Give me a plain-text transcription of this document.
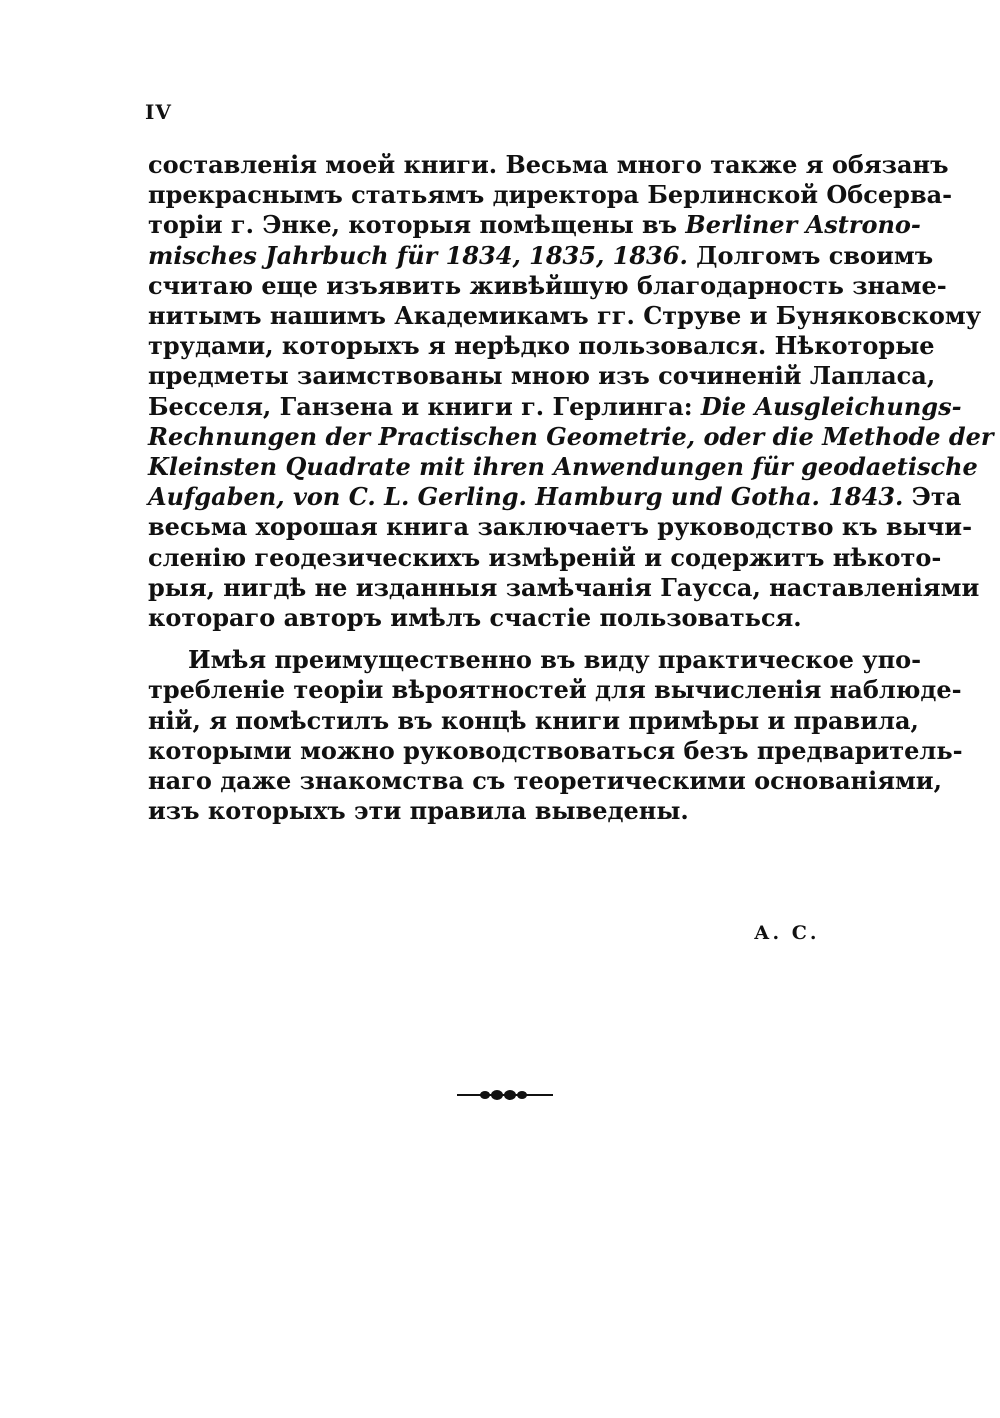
IV
составленія моей книги. Весьма много также я обязанъ
прекраснымъ статьямъ директора Берлинской Обсерва-
торіи г. Энке, которыя помѣщены въ Berliner Astrono-
misches Jahrbuch für 1834, 1835, 1836. Долгомъ своимъ
считаю еще изъявить живѣйшую благодарность знаме-
нитымъ нашимъ Академикамъ гг. Струве и Буняковскому
трудами, которыхъ я нерѣдко пользовался. Нѣкоторые
предметы заимствованы мною изъ сочиненій Лапласа,
Бесселя, Ганзена и книги г. Герлинга: Die Ausgleichungs-
Rechnungen der Practischen Geometrie, oder die Methode der
Kleinsten Quadrate mit ihren Anwendungen für geodaetische
Aufgaben, von C. L. Gerling. Hamburg und Gotha. 1843. Эта
весьма хорошая книга заключаетъ руководство къ вычи-
сленію геодезическихъ измѣреній и содержитъ нѣкото-
рыя, нигдѣ не изданныя замѣчанія Гаусса, наставленіями
котораго авторъ имѣлъ счастіе пользоваться.
Имѣя преимущественно въ виду практическое упо-
требленіе теоріи вѣроятностей для вычисленія наблюде-
ній, я помѣстилъ въ концѣ книги примѣры и правила,
которыми можно руководствоваться безъ предваритель-
наго даже знакомства съ теоретическими основаніями,
изъ которыхъ эти правила выведены.
А. С.
